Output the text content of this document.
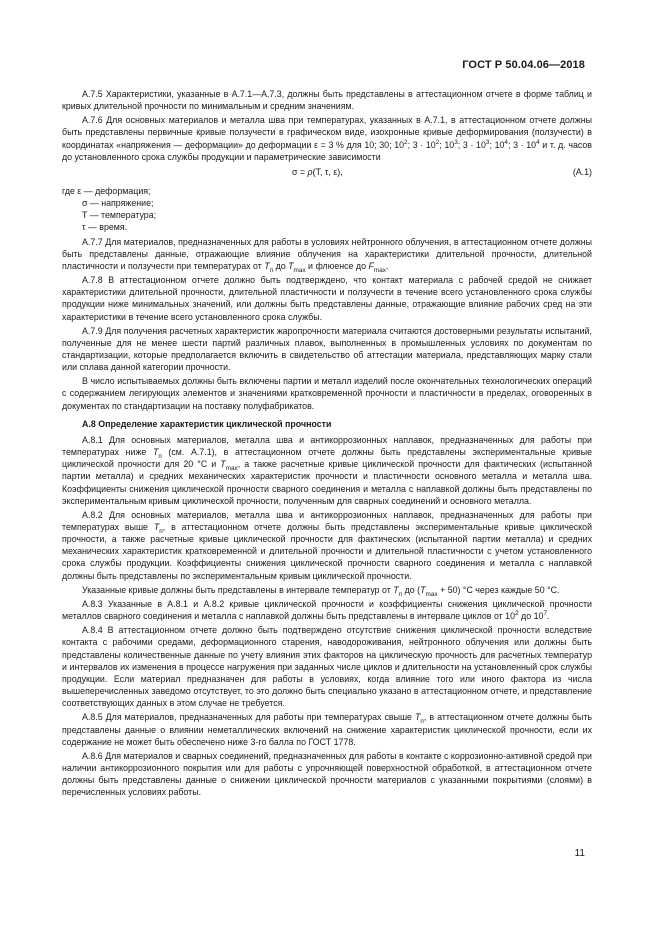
ГОСТ Р 50.04.06—2018

А.7.5 Характеристики, указанные в А.7.1—А.7.3, должны быть представлены в аттестационном отчете в форме таблиц и кривых длительной прочности по минимальным и средним значениям.

А.7.6 Для основных материалов и металла шва при температурах, указанных в А.7.1, в аттестационном отчете должны быть представлены первичные кривые ползучести в графическом виде, изохронные кривые деформирования (ползучести) в координатах «напряжения — деформации» до деформации ε = 3 % для 10; 30; $10^2$; $3 \cdot 10^2$; $10^3$; $3 \cdot 10^3$; $10^4$; $3 \cdot 10^4$ и т. д. часов до установленного срока службы продукции и параметрические зависимости

σ = ρ(T, τ, ε),	(А.1)
где ε — деформация;
σ — напряжение;
T — температура;
τ — время.

А.7.7 Для материалов, предназначенных для работы в условиях нейтронного облучения, в аттестационном отчете должны быть представлены данные, отражающие влияние облучения на характеристики длительной прочности, длительной пластичности и ползучести при температурах от $T_п$ до $T_{max}$ и флюенсе до $F_{max}$.

А.7.8 В аттестационном отчете должно быть подтверждено, что контакт материала с рабочей средой не снижает характеристики длительной прочности, длительной пластичности и ползучести в течение всего установленного срока службы продукции ниже минимальных значений, или должны быть представлены данные, отражающие влияние рабочих сред на эти характеристики в течение всего установленного срока службы.

А.7.9 Для получения расчетных характеристик жаропрочности материала считаются достоверными результаты испытаний, полученные для не менее шести партий различных плавок, выполненных в промышленных условиях по документам по стандартизации, которые предполагается включить в свидетельство об аттестации материала, представляющих марку стали или сплава данной категории прочности.

В число испытываемых должны быть включены партии и металл изделий после окончательных технологических операций с содержанием легирующих элементов и значениями кратковременной прочности и пластичности в пределах, оговоренных в документах по стандартизации на поставку полуфабрикатов.

А.8 Определение характеристик циклической прочности

А.8.1 Для основных материалов, металла шва и антикоррозионных наплавок, предназначенных для работы при температурах ниже $T_п$ (см. А.7.1), в аттестационном отчете должны быть представлены экспериментальные кривые циклической прочности для 20 °С и $T_{max}$, а также расчетные кривые циклической прочности для фактических (испытанной партии металла) и средних механических характеристик прочности и пластичности основного металла и металла шва. Коэффициенты снижения циклической прочности сварного соединения и металла с наплавкой должны быть представлены по экспериментальным кривым циклической прочности, полученным для сварных соединений и основного металла.

А.8.2 Для основных материалов, металла шва и антикоррозионных наплавок, предназначенных для работы при температурах выше $T_п$, в аттестационном отчете должны быть представлены экспериментальные кривые циклической прочности, а также расчетные кривые циклической прочности для фактических (испытанной партии металла) и средних механических характеристик кратковременной и длительной прочности и длительной пластичности с учетом установленного срока службы продукции. Коэффициенты снижения циклической прочности сварного соединения и металла с наплавкой должны быть представлены по экспериментальным кривым циклической прочности.

Указанные кривые должны быть представлены в интервале температур от $T_п$ до $(T_{max} + 50)$ °С через каждые 50 °С.

А.8.3 Указанные в А.8.1 и А.8.2 кривые циклической прочности и коэффициенты снижения циклической прочности металлов сварного соединения и металла с наплавкой должны быть представлены в интервале циклов от $10^2$ до $10^7$.

А.8.4 В аттестационном отчете должно быть подтверждено отсутствие снижения циклической прочности вследствие контакта с рабочими средами, деформационного старения, наводороживания, нейтронного облучения или должны быть представлены количественные данные по учету влияния этих факторов на циклическую прочность для расчетных температур и интервалов их изменения в процессе нагружения при заданных числе циклов и длительности на установленный срок службы продукции. Если материал предназначен для работы в условиях, когда влияние того или иного фактора из числа вышеперечисленных заведомо отсутствует, то это должно быть специально указано в аттестационном отчете, и представление соответствующих данных в этом случае не требуется.

А.8.5 Для материалов, предназначенных для работы при температурах свыше $T_п$, в аттестационном отчете должны быть представлены данные о влиянии неметаллических включений на снижение характеристик циклической прочности, если их содержание не может быть обеспечено ниже 3-го балла по ГОСТ 1778.

А.8.6 Для материалов и сварных соединений, предназначенных для работы в контакте с коррозионно-активной средой при наличии антикоррозионного покрытия или для работы с упрочняющей поверхностной обработкой, в аттестационном отчете должны быть представлены данные о снижении циклической прочности материалов с указанными покрытиями (слоями) в перечисленных условиях работы.

11
